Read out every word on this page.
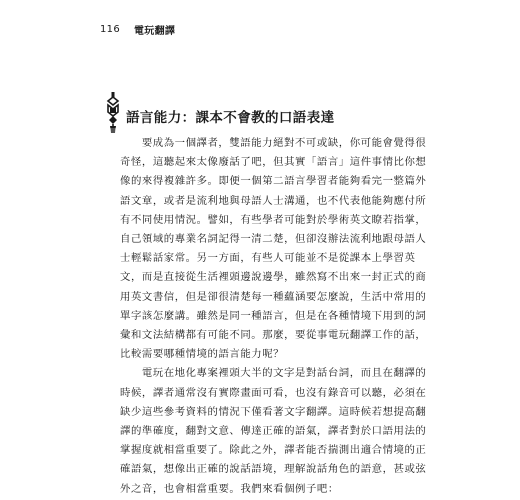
116 電玩翻譯
語言能力：課本不會教的口語表達

要成為一個譯者，雙語能力絕對不可或缺，你可能會覺得很

奇怪，這聽起來太像廢話了吧，但其實「語言」這件事情比你想

像的來得複雜許多。即便一個第二語言學習者能夠看完一整篇外

語文章，或者是流利地與母語人士溝通，也不代表他能夠應付所

有不同使用情況。譬如，有些學者可能對於學術英文瞭若指掌，

自己領域的專業名詞記得一清二楚，但卻沒辦法流利地跟母語人

士輕鬆話家常。另一方面，有些人可能並不是從課本上學習英

文，而是直接從生活裡頭邊說邊學，雖然寫不出來一封正式的商

用英文書信，但是卻很清楚每一種蘊涵要怎麼說，生活中常用的

單字該怎麼講。雖然是同一種語言，但是在各種情境下用到的詞

彙和文法結構都有可能不同。那麼，要從事電玩翻譯工作的話，

比較需要哪種情境的語言能力呢？

電玩在地化專案裡頭大半的文字是對話台詞，而且在翻譯的

時候，譯者通常沒有實際畫面可看，也沒有錄音可以聽，必須在

缺少這些參考資料的情況下僅看著文字翻譯。這時候若想提高翻

譯的準確度，翻對文意、傳達正確的語氣，譯者對於口語用法的

掌握度就相當重要了。除此之外，譯者能否揣測出適合情境的正

確語氣，想像出正確的說話語境，理解說話角色的語意，甚或弦

外之音，也會相當重要。我們來看個例子吧：
